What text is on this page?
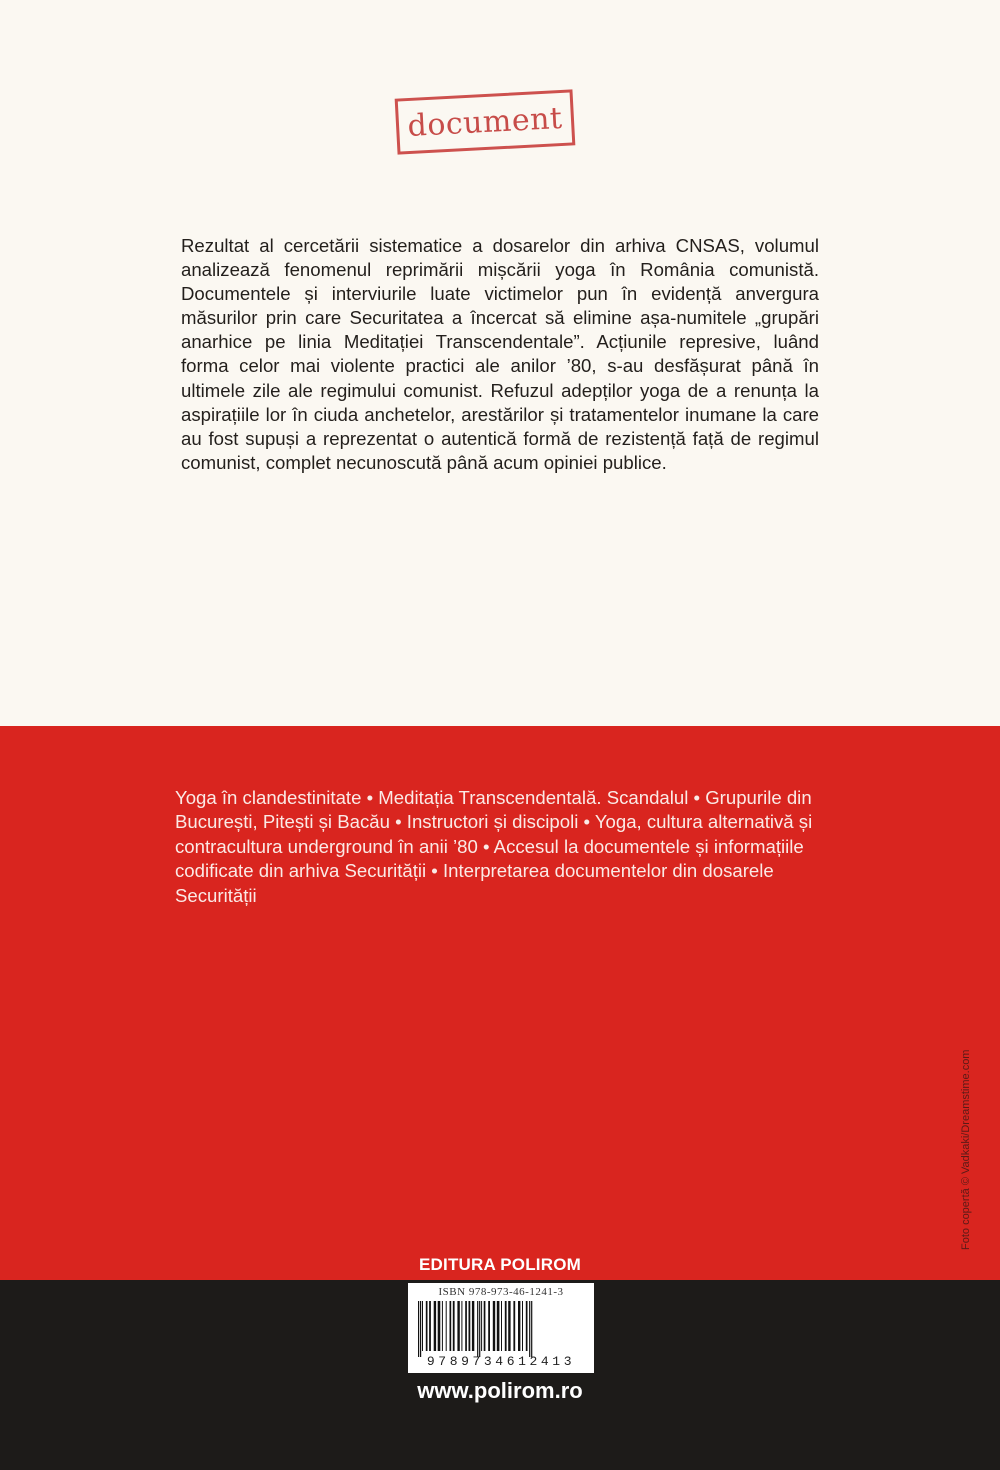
document
Rezultat al cercetării sistematice a dosarelor din arhiva CNSAS, volumul analizează fenomenul reprimării mișcării yoga în România comunistă. Documentele și interviurile luate victimelor pun în evidență anvergura măsurilor prin care Securitatea a încercat să elimine așa-numitele „grupări anarhice pe linia Meditației Transcendentale”. Acțiunile represive, luând forma celor mai violente practici ale anilor ’80, s-au desfășurat până în ultimele zile ale regimului comunist. Refuzul adepților yoga de a renunța la aspirațiile lor în ciuda anchetelor, arestărilor și tratamentelor inumane la care au fost supuși a reprezentat o autentică formă de rezistență față de regimul comunist, complet necunoscută până acum opiniei publice.
Yoga în clandestinitate • Meditația Transcendentală. Scandalul • Grupurile din București, Pitești și Bacău • Instructori și discipoli • Yoga, cultura alternativă și contracultura underground în anii ’80 • Accesul la documentele și informațiile codificate din arhiva Securității • Interpretarea documentelor din dosarele Securității
Foto copertă © Vadkaki/Dreamstime.com
EDITURA POLIROM
ISBN 978-973-46-1241-3
9789734612413
www.polirom.ro
